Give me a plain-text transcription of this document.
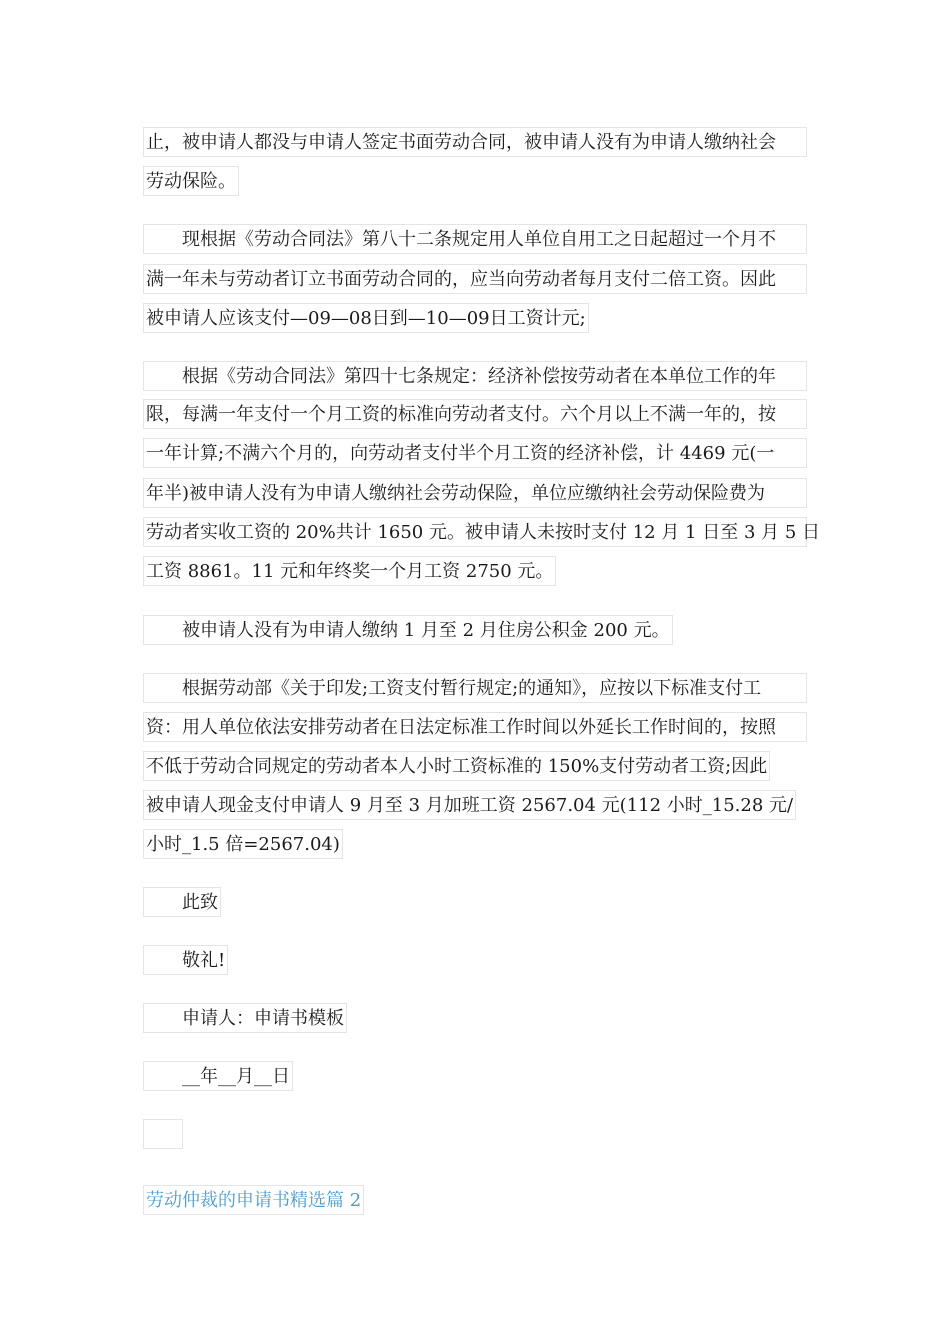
止，被申请人都没与申请人签定书面劳动合同，被申请人没有为申请人缴纳社会
劳动保险。
现根据《劳动合同法》第八十二条规定用人单位自用工之日起超过一个月不
满一年未与劳动者订立书面劳动合同的，应当向劳动者每月支付二倍工资。因此
被申请人应该支付—09—08日到—10—09日工资计元;
根据《劳动合同法》第四十七条规定：经济补偿按劳动者在本单位工作的年
限，每满一年支付一个月工资的标准向劳动者支付。六个月以上不满一年的，按
一年计算;不满六个月的，向劳动者支付半个月工资的经济补偿，计 4469 元(一
年半)被申请人没有为申请人缴纳社会劳动保险，单位应缴纳社会劳动保险费为
劳动者实收工资的 20%共计 1650 元。被申请人未按时支付 12 月 1 日至 3 月 5 日
工资 8861。11 元和年终奖一个月工资 2750 元。
被申请人没有为申请人缴纳 1 月至 2 月住房公积金 200 元。
根据劳动部《关于印发;工资支付暂行规定;的通知》，应按以下标准支付工
资：用人单位依法安排劳动者在日法定标准工作时间以外延长工作时间的，按照
不低于劳动合同规定的劳动者本人小时工资标准的 150%支付劳动者工资;因此
被申请人现金支付申请人 9 月至 3 月加班工资 2567.04 元(112 小时_15.28 元/
小时_1.5 倍=2567.04)
此致
敬礼!
申请人：申请书模板
__年__月__日
劳动仲裁的申请书精选篇 2
